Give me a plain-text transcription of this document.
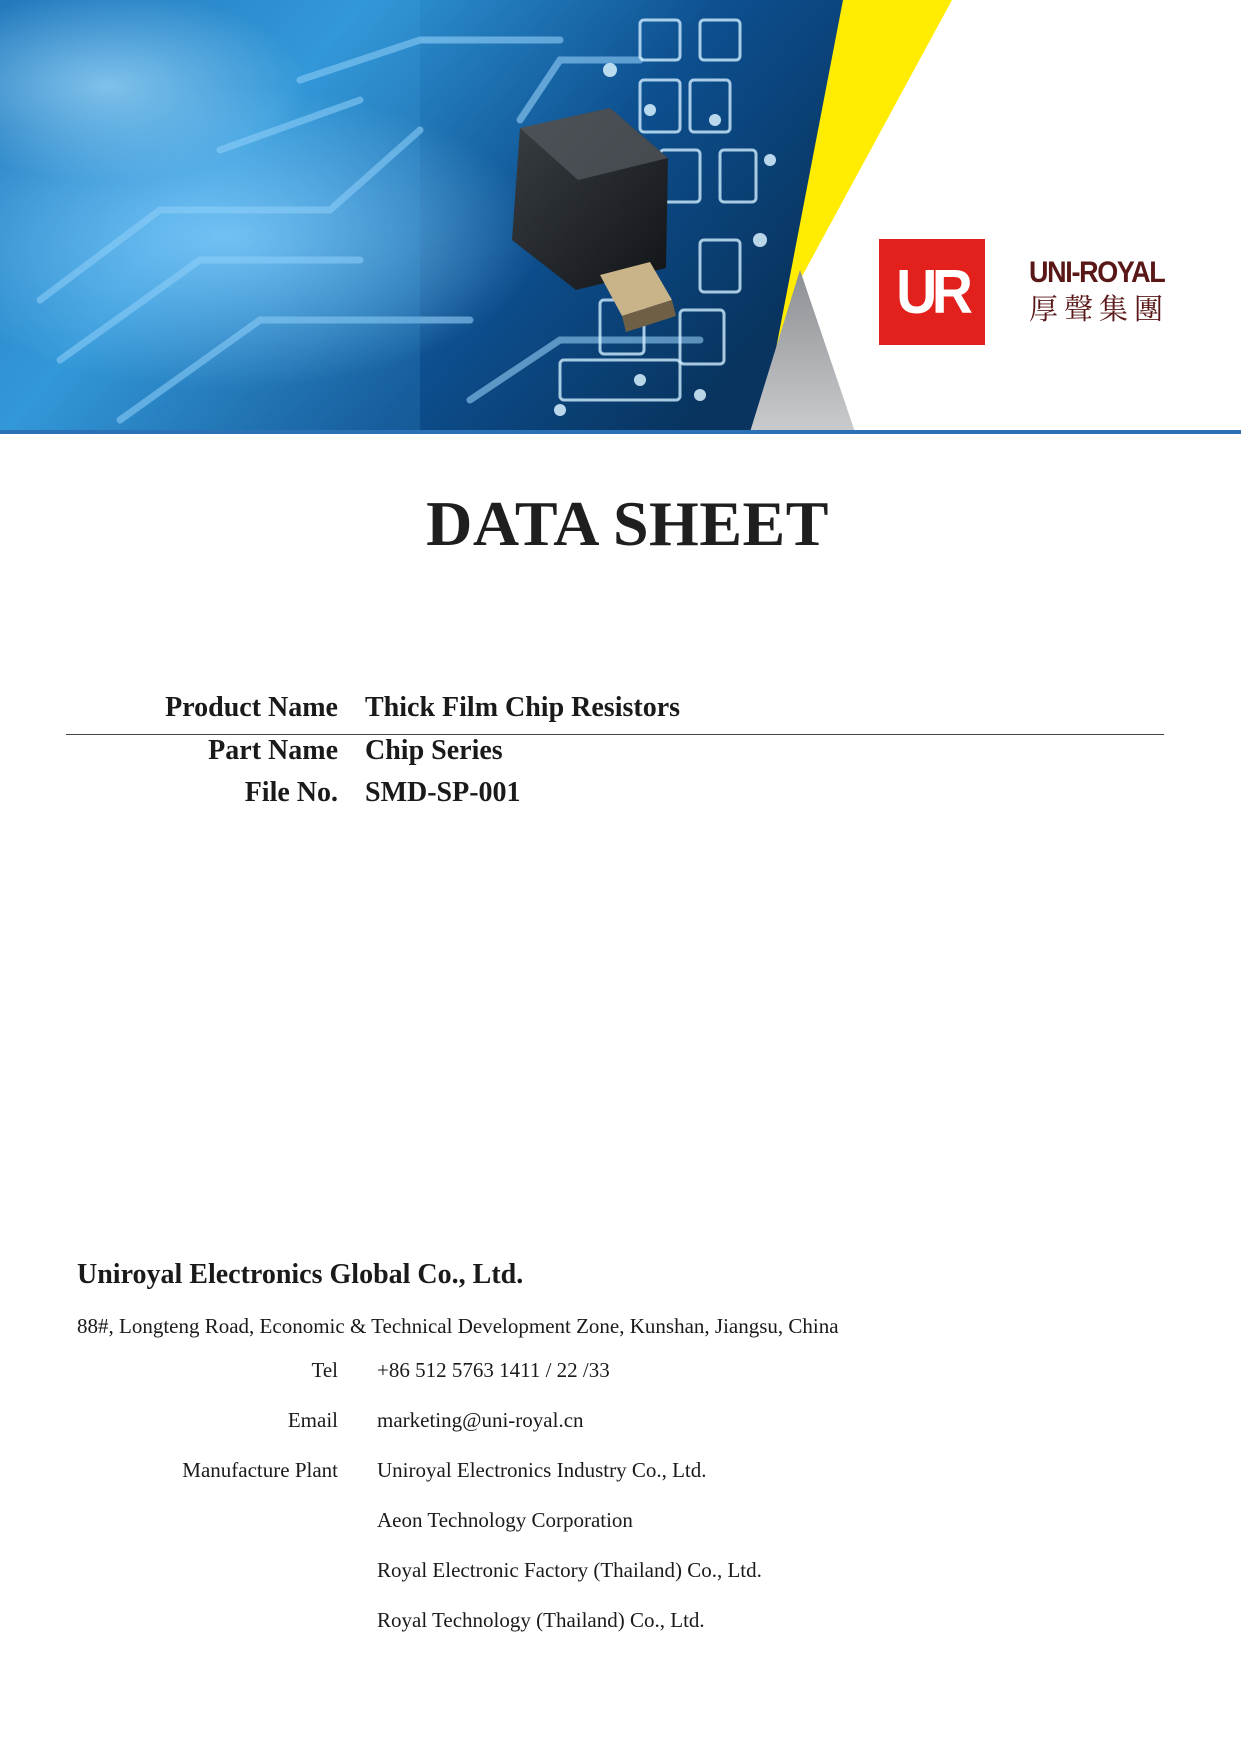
UR UNI-ROYAL
厚聲集團
DATA SHEET
Product Name Thick Film Chip Resistors
Part Name Chip Series
File No. SMD-SP-001
Uniroyal Electronics Global Co., Ltd.
88#, Longteng Road, Economic & Technical Development Zone, Kunshan, Jiangsu, China
Tel +86 512 5763 1411 / 22 /33
Email marketing@uni-royal.cn
Manufacture Plant Uniroyal Electronics Industry Co., Ltd.
Aeon Technology Corporation
Royal Electronic Factory (Thailand) Co., Ltd.
Royal Technology (Thailand) Co., Ltd.
